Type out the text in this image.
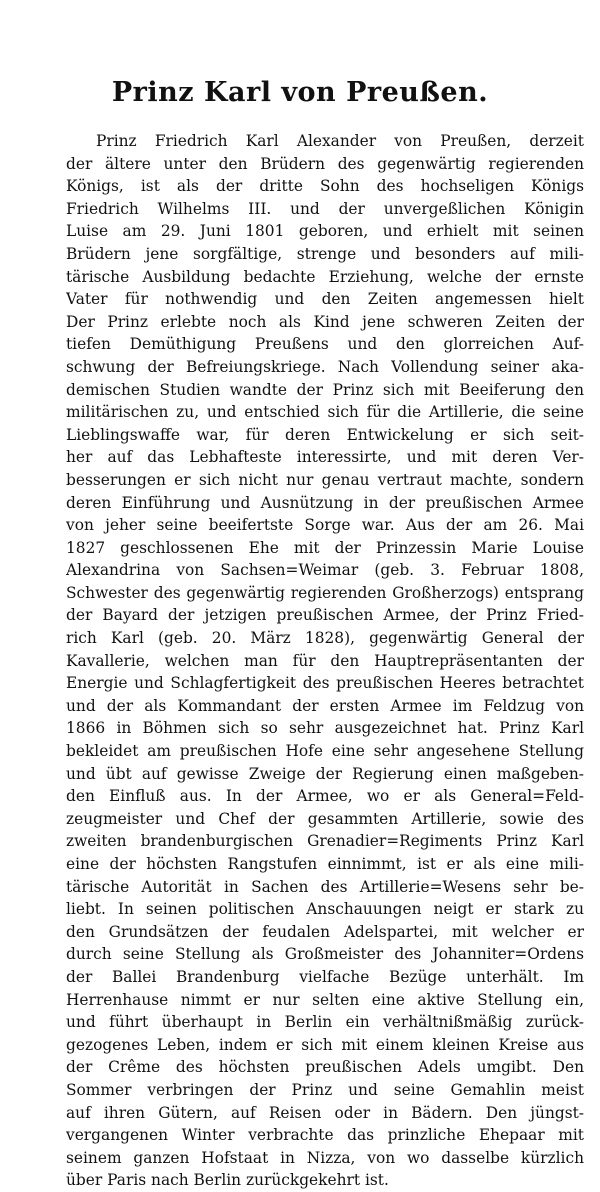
Prinz Karl von Preußen.
Prinz Friedrich Karl Alexander von Preußen, derzeit
der ältere unter den Brüdern des gegenwärtig regierenden
Königs, ist als der dritte Sohn des hochseligen Königs
Friedrich Wilhelms III. und der unvergeßlichen Königin
Luise am 29. Juni 1801 geboren, und erhielt mit seinen
Brüdern jene sorgfältige, strenge und besonders auf mili-
tärische Ausbildung bedachte Erziehung, welche der ernste
Vater für nothwendig und den Zeiten angemessen hielt
Der Prinz erlebte noch als Kind jene schweren Zeiten der
tiefen Demüthigung Preußens und den glorreichen Auf-
schwung der Befreiungskriege. Nach Vollendung seiner aka-
demischen Studien wandte der Prinz sich mit Beeiferung den
militärischen zu, und entschied sich für die Artillerie, die seine
Lieblingswaffe war, für deren Entwickelung er sich seit-
her auf das Lebhafteste interessirte, und mit deren Ver-
besserungen er sich nicht nur genau vertraut machte, sondern
deren Einführung und Ausnützung in der preußischen Armee
von jeher seine beeifertste Sorge war. Aus der am 26. Mai
1827 geschlossenen Ehe mit der Prinzessin Marie Louise
Alexandrina von Sachsen=Weimar (geb. 3. Februar 1808,
Schwester des gegenwärtig regierenden Großherzogs) entsprang
der Bayard der jetzigen preußischen Armee, der Prinz Fried-
rich Karl (geb. 20. März 1828), gegenwärtig General der
Kavallerie, welchen man für den Hauptrepräsentanten der
Energie und Schlagfertigkeit des preußischen Heeres betrachtet
und der als Kommandant der ersten Armee im Feldzug von
1866 in Böhmen sich so sehr ausgezeichnet hat. Prinz Karl
bekleidet am preußischen Hofe eine sehr angesehene Stellung
und übt auf gewisse Zweige der Regierung einen maßgeben-
den Einfluß aus. In der Armee, wo er als General=Feld-
zeugmeister und Chef der gesammten Artillerie, sowie des
zweiten brandenburgischen Grenadier=Regiments Prinz Karl
eine der höchsten Rangstufen einnimmt, ist er als eine mili-
tärische Autorität in Sachen des Artillerie=Wesens sehr be-
liebt. In seinen politischen Anschauungen neigt er stark zu
den Grundsätzen der feudalen Adelspartei, mit welcher er
durch seine Stellung als Großmeister des Johanniter=Ordens
der Ballei Brandenburg vielfache Bezüge unterhält. Im
Herrenhause nimmt er nur selten eine aktive Stellung ein,
und führt überhaupt in Berlin ein verhältnißmäßig zurück-
gezogenes Leben, indem er sich mit einem kleinen Kreise aus
der Crême des höchsten preußischen Adels umgibt. Den
Sommer verbringen der Prinz und seine Gemahlin meist
auf ihren Gütern, auf Reisen oder in Bädern. Den jüngst-
vergangenen Winter verbrachte das prinzliche Ehepaar mit
seinem ganzen Hofstaat in Nizza, von wo dasselbe kürzlich
über Paris nach Berlin zurückgekehrt ist.
